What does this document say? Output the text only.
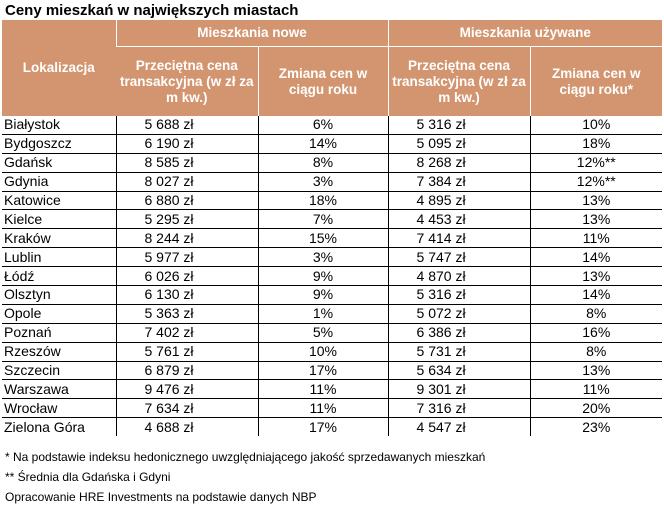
Ceny mieszkań w największych miastach
Lokalizacja	Mieszkania nowe		Mieszkania używane	
	Przeciętna cena transakcyjna (w zł za m kw.)	Zmiana cen w ciągu roku	Przeciętna cena transakcyjna (w zł za m kw.)	Zmiana cen w ciągu roku*
Białystok	5 688 zł	6%	5 316 zł	10%
Bydgoszcz	6 190 zł	14%	5 095 zł	18%
Gdańsk	8 585 zł	8%	8 268 zł	12%**
Gdynia	8 027 zł	3%	7 384 zł	12%**
Katowice	6 880 zł	18%	4 895 zł	13%
Kielce	5 295 zł	7%	4 453 zł	13%
Kraków	8 244 zł	15%	7 414 zł	11%
Lublin	5 977 zł	3%	5 747 zł	14%
Łódź	6 026 zł	9%	4 870 zł	13%
Olsztyn	6 130 zł	9%	5 316 zł	14%
Opole	5 363 zł	1%	5 072 zł	8%
Poznań	7 402 zł	5%	6 386 zł	16%
Rzeszów	5 761 zł	10%	5 731 zł	8%
Szczecin	6 879 zł	17%	5 634 zł	13%
Warszawa	9 476 zł	11%	9 301 zł	11%
Wrocław	7 634 zł	11%	7 316 zł	20%
Zielona Góra	4 688 zł	17%	4 547 zł	23%
* Na podstawie indeksu hedonicznego uwzględniającego jakość sprzedawanych mieszkań
** Średnia dla Gdańska i Gdyni
Opracowanie HRE Investments na podstawie danych NBP
